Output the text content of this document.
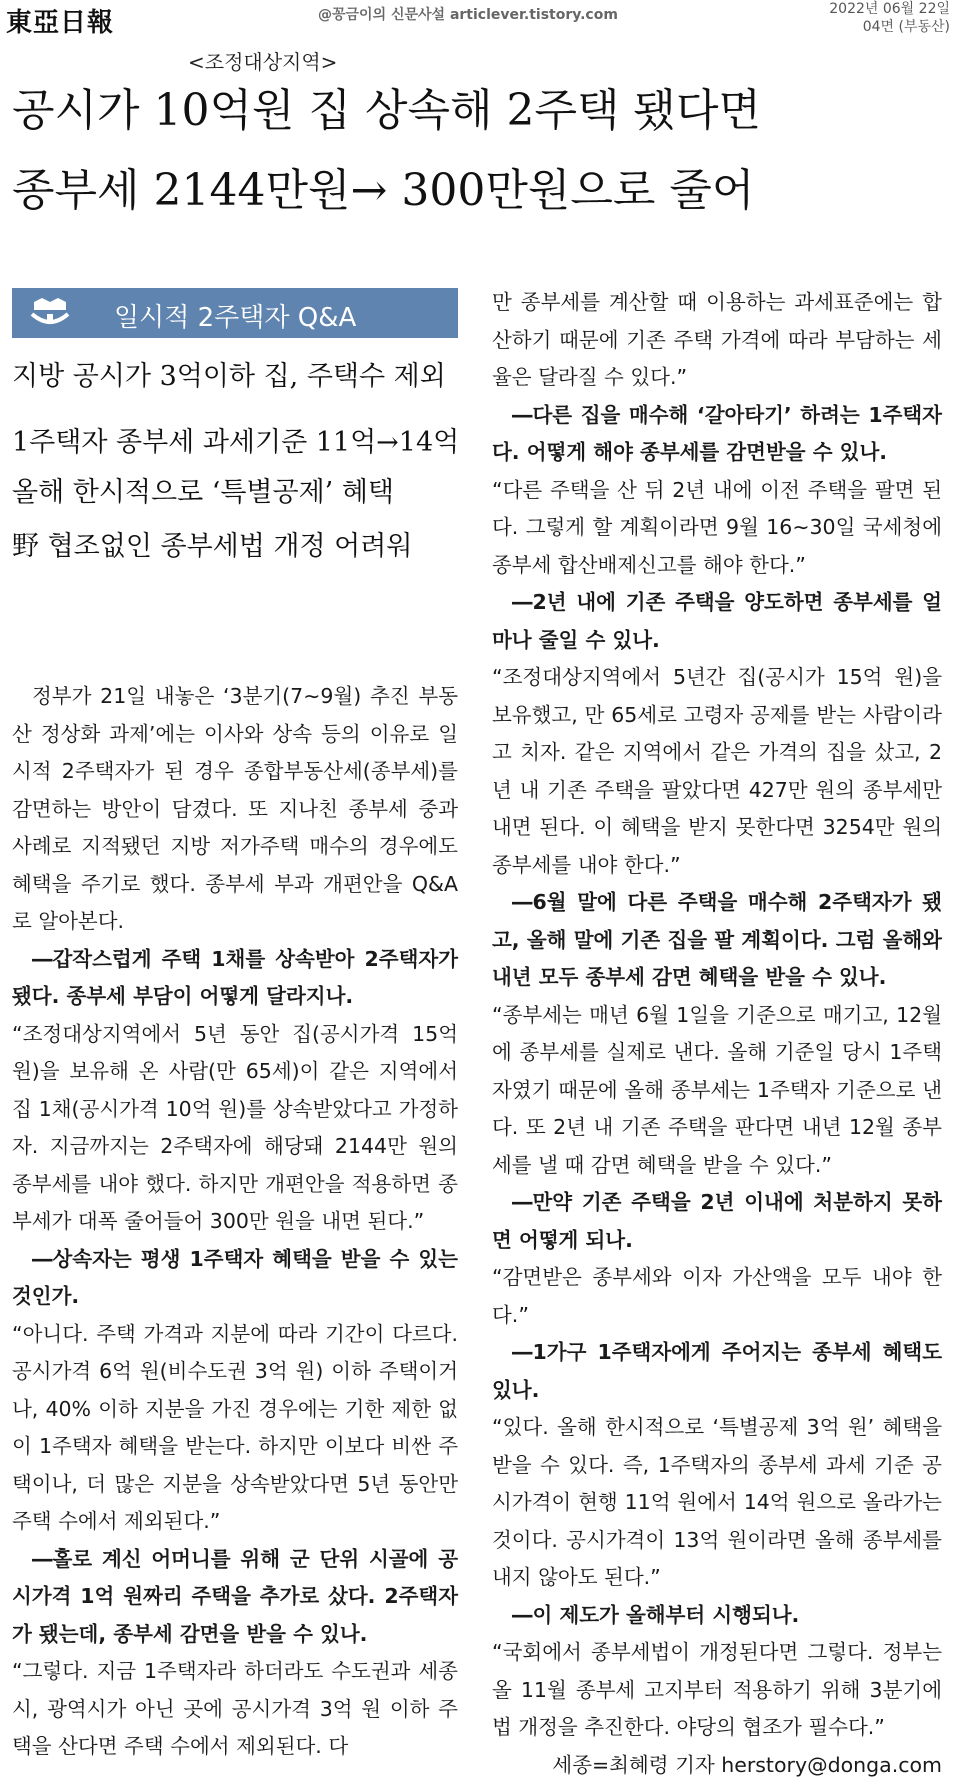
東亞日報	@꽁금이의 신문사설 articlever.tistory.com	2022년 06월 22일
04면 (부동산)
<조정대상지역>
공시가 10억원 집 상속해 2주택 됐다면
종부세 2144만원→ 300만원으로 줄어
일시적 2주택자 Q&A
지방 공시가 3억이하 집, 주택수 제외
1주택자 종부세 과세기준 11억→14억
올해 한시적으로 ‘특별공제’ 혜택
野 협조없인 종부세법 개정 어려워

정부가 21일 내놓은 ‘3분기(7∼9월) 추진 부동산 정상화 과제’에는 이사와 상속 등의 이유로 일시적 2주택자가 된 경우 종합부동산세(종부세)를 감면하는 방안이 담겼다. 또 지나친 종부세 중과 사례로 지적됐던 지방 저가주택 매수의 경우에도 혜택을 주기로 했다. 종부세 부과 개편안을 Q&A로 알아본다.

―갑작스럽게 주택 1채를 상속받아 2주택자가 됐다. 종부세 부담이 어떻게 달라지나.

“조정대상지역에서 5년 동안 집(공시가격 15억 원)을 보유해 온 사람(만 65세)이 같은 지역에서 집 1채(공시가격 10억 원)를 상속받았다고 가정하자. 지금까지는 2주택자에 해당돼 2144만 원의 종부세를 내야 했다. 하지만 개편안을 적용하면 종부세가 대폭 줄어들어 300만 원을 내면 된다.”

―상속자는 평생 1주택자 혜택을 받을 수 있는 것인가.

“아니다. 주택 가격과 지분에 따라 기간이 다르다. 공시가격 6억 원(비수도권 3억 원) 이하 주택이거나, 40% 이하 지분을 가진 경우에는 기한 제한 없이 1주택자 혜택을 받는다. 하지만 이보다 비싼 주택이나, 더 많은 지분을 상속받았다면 5년 동안만 주택 수에서 제외된다.”

―홀로 계신 어머니를 위해 군 단위 시골에 공시가격 1억 원짜리 주택을 추가로 샀다. 2주택자가 됐는데, 종부세 감면을 받을 수 있나.

“그렇다. 지금 1주택자라 하더라도 수도권과 세종시, 광역시가 아닌 곳에 공시가격 3억 원 이하 주택을 산다면 주택 수에서 제외된다. 다

만 종부세를 계산할 때 이용하는 과세표준에는 합산하기 때문에 기존 주택 가격에 따라 부담하는 세율은 달라질 수 있다.”

―다른 집을 매수해 ‘갈아타기’ 하려는 1주택자다. 어떻게 해야 종부세를 감면받을 수 있나.

“다른 주택을 산 뒤 2년 내에 이전 주택을 팔면 된다. 그렇게 할 계획이라면 9월 16∼30일 국세청에 종부세 합산배제신고를 해야 한다.”

―2년 내에 기존 주택을 양도하면 종부세를 얼마나 줄일 수 있나.

“조정대상지역에서 5년간 집(공시가 15억 원)을 보유했고, 만 65세로 고령자 공제를 받는 사람이라고 치자. 같은 지역에서 같은 가격의 집을 샀고, 2년 내 기존 주택을 팔았다면 427만 원의 종부세만 내면 된다. 이 혜택을 받지 못한다면 3254만 원의 종부세를 내야 한다.”

―6월 말에 다른 주택을 매수해 2주택자가 됐고, 올해 말에 기존 집을 팔 계획이다. 그럼 올해와 내년 모두 종부세 감면 혜택을 받을 수 있나.

“종부세는 매년 6월 1일을 기준으로 매기고, 12월에 종부세를 실제로 낸다. 올해 기준일 당시 1주택자였기 때문에 올해 종부세는 1주택자 기준으로 낸다. 또 2년 내 기존 주택을 판다면 내년 12월 종부세를 낼 때 감면 혜택을 받을 수 있다.”

―만약 기존 주택을 2년 이내에 처분하지 못하면 어떻게 되나.

“감면받은 종부세와 이자 가산액을 모두 내야 한다.”

―1가구 1주택자에게 주어지는 종부세 혜택도 있나.

“있다. 올해 한시적으로 ‘특별공제 3억 원’ 혜택을 받을 수 있다. 즉, 1주택자의 종부세 과세 기준 공시가격이 현행 11억 원에서 14억 원으로 올라가는 것이다. 공시가격이 13억 원이라면 올해 종부세를 내지 않아도 된다.”

―이 제도가 올해부터 시행되나.

“국회에서 종부세법이 개정된다면 그렇다. 정부는 올 11월 종부세 고지부터 적용하기 위해 3분기에 법 개정을 추진한다. 야당의 협조가 필수다.”

세종=최혜령 기자 herstory@donga.com
